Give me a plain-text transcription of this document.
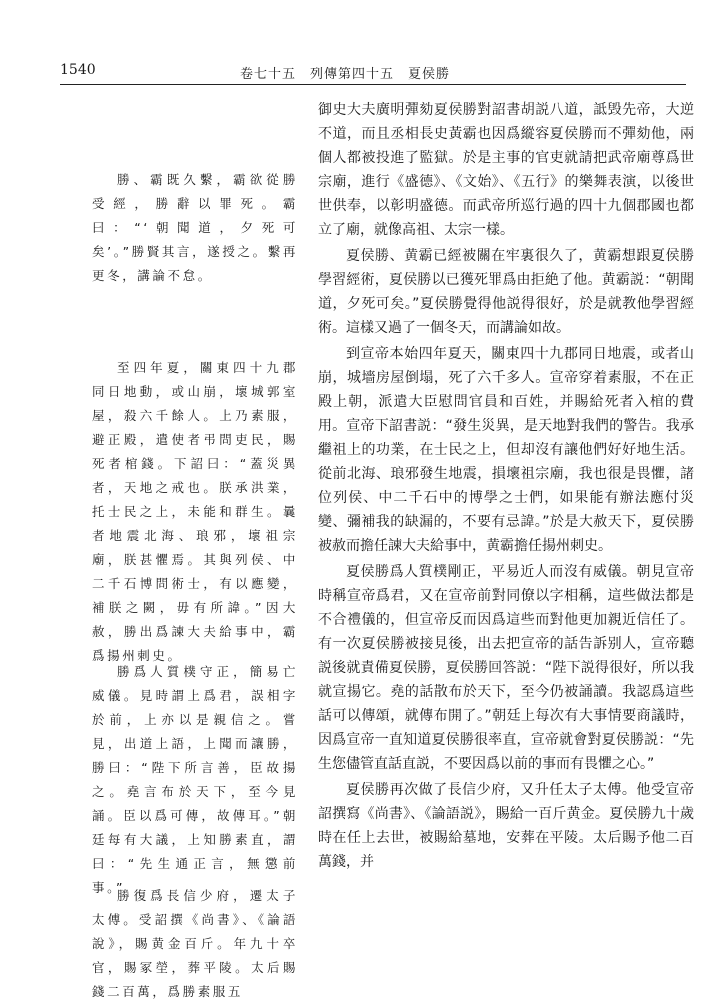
1540	卷七十五　列傳第四十五　夏侯勝

勝、霸既久繫，霸欲從勝受經，勝辭以罪死。霸曰：“‘朝聞道，夕死可矣’。”勝賢其言，遂授之。繫再更冬，講論不怠。

至四年夏，關東四十九郡同日地動，或山崩，壞城郭室屋，殺六千餘人。上乃素服，避正殿，遣使者弔問吏民，賜死者棺錢。下詔曰：“蓋災異者，天地之戒也。朕承洪業，托士民之上，未能和群生。曩者地震北海、琅邪，壞祖宗廟，朕甚懼焉。其與列侯、中二千石博問術士，有以應變，補朕之闕，毋有所諱。”因大赦，勝出爲諫大夫給事中，霸爲揚州刺史。

勝爲人質樸守正，簡易亡威儀。見時謂上爲君，誤相字於前，上亦以是親信之。嘗見，出道上語，上聞而讓勝，勝曰：“陛下所言善，臣故揚之。堯言布於天下，至今見誦。臣以爲可傳，故傳耳。”朝廷每有大議，上知勝素直，謂曰：“先生通正言，無懲前事。”

勝復爲長信少府，遷太子太傅。受詔撰《尚書》、《論語說》，賜黄金百斤。年九十卒官，賜冢塋，葬平陵。太后賜錢二百萬，爲勝素服五

御史大夫廣明彈劾夏侯勝對詔書胡説八道，詆毁先帝，大逆不道，而且丞相長史黃霸也因爲縱容夏侯勝而不彈劾他，兩個人都被投進了監獄。於是主事的官吏就請把武帝廟尊爲世宗廟，進行《盛德》、《文始》、《五行》的樂舞表演，以後世世供奉，以彰明盛德。而武帝所巡行過的四十九個郡國也都立了廟，就像高祖、太宗一樣。

夏侯勝、黄霸已經被關在牢裏很久了，黄霸想跟夏侯勝學習經術，夏侯勝以已獲死罪爲由拒絶了他。黄霸説：“朝聞道，夕死可矣。”夏侯勝覺得他説得很好，於是就教他學習經術。這樣又過了一個冬天，而講論如故。

到宣帝本始四年夏天，關東四十九郡同日地震，或者山崩，城墻房屋倒塌，死了六千多人。宣帝穿着素服，不在正殿上朝，派遣大臣慰問官員和百姓，并賜給死者入棺的費用。宣帝下詔書説：“發生災異，是天地對我們的警告。我承繼祖上的功業，在士民之上，但却沒有讓他們好好地生活。從前北海、琅邪發生地震，損壞祖宗廟，我也很是畏懼，諸位列侯、中二千石中的博學之士們，如果能有辦法應付災變、彌補我的缺漏的，不要有忌諱。”於是大赦天下，夏侯勝被赦而擔任諫大夫給事中，黄霸擔任揚州刺史。

夏侯勝爲人質樸剛正，平易近人而沒有威儀。朝見宣帝時稱宣帝爲君，又在宣帝前對同僚以字相稱，這些做法都是不合禮儀的，但宣帝反而因爲這些而對他更加親近信任了。有一次夏侯勝被接見後，出去把宣帝的話告訴别人，宣帝聽説後就責備夏侯勝，夏侯勝回答説：“陛下説得很好，所以我就宣揚它。堯的話散布於天下，至今仍被誦讀。我認爲這些話可以傳頌，就傳布開了。”朝廷上每次有大事情要商議時，因爲宣帝一直知道夏侯勝很率直，宣帝就會對夏侯勝説：“先生您儘管直話直説，不要因爲以前的事而有畏懼之心。”

夏侯勝再次做了長信少府，又升任太子太傅。他受宣帝詔撰寫《尚書》、《論語説》，賜給一百斤黄金。夏侯勝九十歲時在任上去世，被賜給墓地，安葬在平陵。太后賜予他二百萬錢，并
